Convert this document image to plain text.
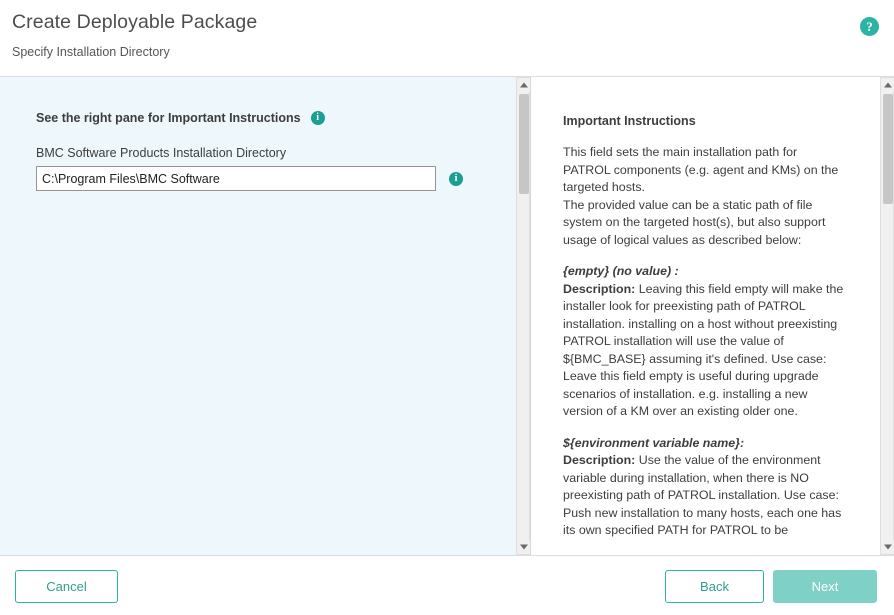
Create Deployable Package
Specify Installation Directory
?
See the right pane for Important Instructions	i
BMC Software Products Installation Directory
C:\Program Files\BMC Software
i
Important Instructions

This field sets the main installation path for PATROL components (e.g. agent and KMs) on the targeted hosts.

The provided value can be a static path of file system on the targeted host(s), but also support usage of logical values as described below:

{empty} (no value) :

Description: Leaving this field empty will make the installer look for preexisting path of PATROL installation. installing on a host without preexisting PATROL installation will use the value of ${BMC_BASE} assuming it's defined. Use case: Leave this field empty is useful during upgrade scenarios of installation. e.g. installing a new version of a KM over an existing older one.

${environment variable name}:

Description: Use the value of the environment variable during installation, when there is NO preexisting path of PATROL installation. Use case: Push new installation to many hosts, each one has its own specified PATH for PATROL to be

Cancel	Back	Next
